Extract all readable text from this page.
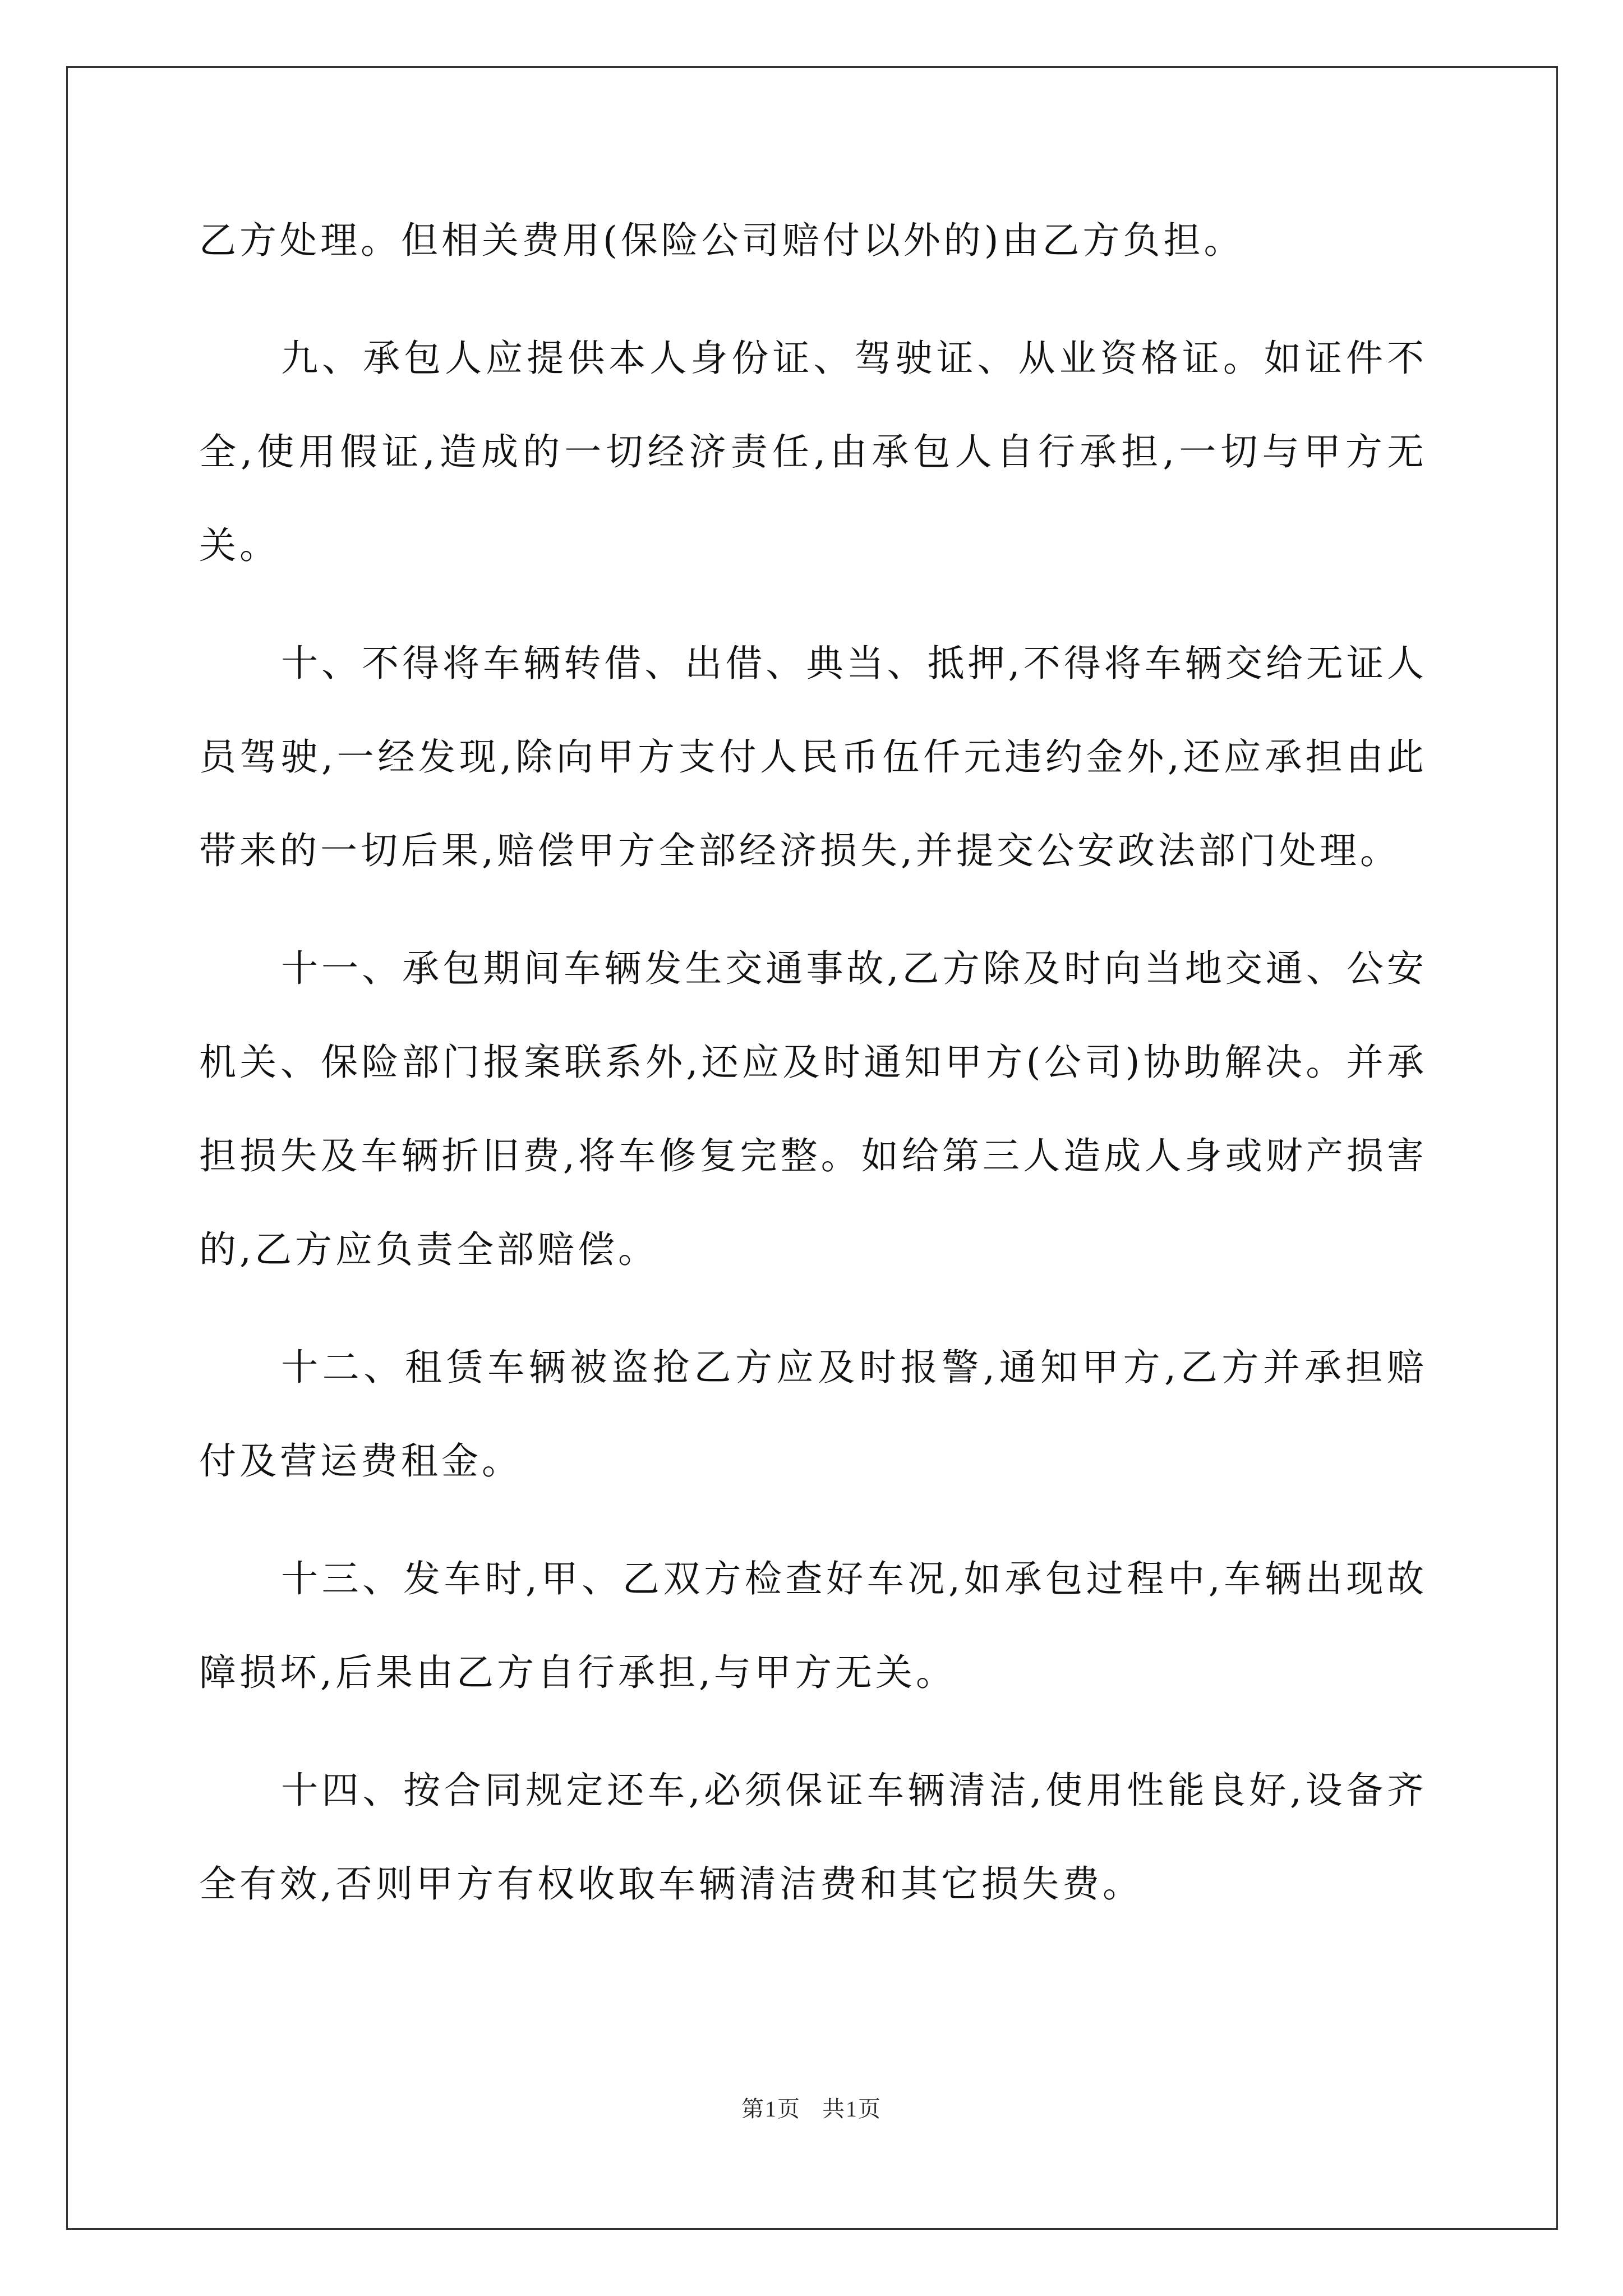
乙方处理。但相关费用(保险公司赔付以外的)由乙方负担。

九、承包人应提供本人身份证、驾驶证、从业资格证。如证件不全,使用假证,造成的一切经济责任,由承包人自行承担,一切与甲方无关。

十、不得将车辆转借、出借、典当、抵押,不得将车辆交给无证人员驾驶,一经发现,除向甲方支付人民币伍仟元违约金外,还应承担由此带来的一切后果,赔偿甲方全部经济损失,并提交公安政法部门处理。

十一、承包期间车辆发生交通事故,乙方除及时向当地交通、公安机关、保险部门报案联系外,还应及时通知甲方(公司)协助解决。并承担损失及车辆折旧费,将车修复完整。如给第三人造成人身或财产损害的,乙方应负责全部赔偿。

十二、租赁车辆被盗抢乙方应及时报警,通知甲方,乙方并承担赔付及营运费租金。

十三、发车时,甲、乙双方检查好车况,如承包过程中,车辆出现故障损坏,后果由乙方自行承担,与甲方无关。

十四、按合同规定还车,必须保证车辆清洁,使用性能良好,设备齐全有效,否则甲方有权收取车辆清洁费和其它损失费。

第1页 共1页
